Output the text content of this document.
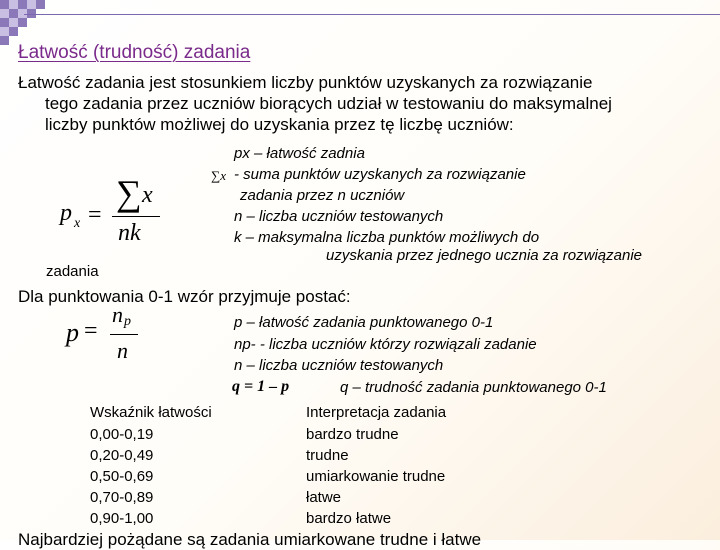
Łatwość (trudność) zadania
Łatwość zadania jest stosunkiem liczby punktów uzyskanych za rozwiązanie
tego zadania przez uczniów biorących udział w testowaniu do maksymalnej
liczby punktów możliwej do uzyskania przez tę liczbę uczniów:
p x =
∑ x
nk
px – łatwość zadnia
∑x - suma punktów uzyskanych za rozwiązanie
zadania przez n uczniów
n – liczba uczniów testowanych
k – maksymalna liczba punktów możliwych do
uzyskania przez jednego ucznia za rozwiązanie
zadania
Dla punktowania 0-1 wzór przyjmuje postać:
p =
n p
n
p – łatwość zadania punktowanego 0-1
np- - liczba uczniów którzy rozwiązali zadanie
n – liczba uczniów testowanych
q = 1 – p	q – trudność zadania punktowanego 0-1
Wskaźnik łatwości	Interpretacja zadania
0,00-0,19	bardzo trudne
0,20-0,49	trudne
0,50-0,69	umiarkowanie trudne
0,70-0,89	łatwe
0,90-1,00	bardzo łatwe
Najbardziej pożądane są zadania umiarkowane trudne i łatwe
